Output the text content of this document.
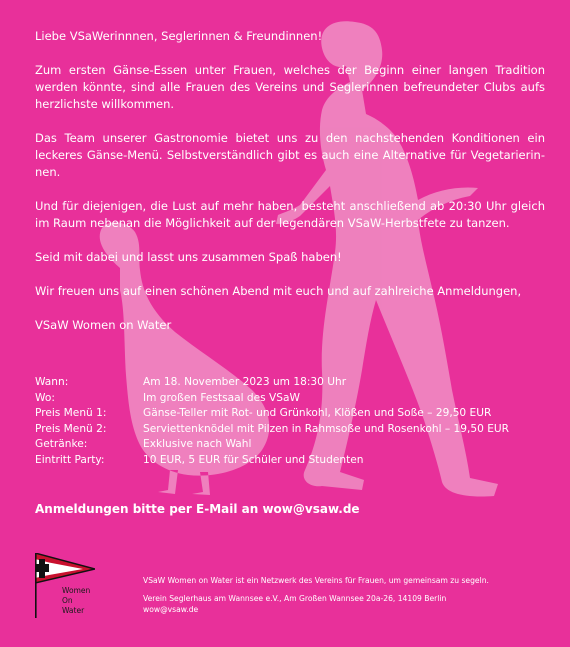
Liebe VSaWerinnnen, Seglerinnen & Freundinnen!

Zum ersten Gänse-Essen unter Frauen, welches der Beginn einer langen Tradition werden könnte, sind alle Frauen des Vereins und Seglerinnen befreundeter Clubs aufs herzlichste willkommen.

Das Team unserer Gastronomie bietet uns zu den nachstehenden Konditionen ein leckeres Gänse-Menü. Selbstverständlich gibt es auch eine Alternative für Vegetarierin-nen.

Und für diejenigen, die Lust auf mehr haben, besteht anschließend ab 20:30 Uhr gleich im Raum nebenan die Möglichkeit auf der legendären VSaW-Herbstfete zu tanzen.

Seid mit dabei und lasst uns zusammen Spaß haben!

Wir freuen uns auf einen schönen Abend mit euch und auf zahlreiche Anmeldungen,

VSaW Women on Water

Wann:	Am 18. November 2023 um 18:30 Uhr
Wo:	Im großen Festsaal des VSaW
Preis Menü 1:	Gänse-Teller mit Rot- und Grünkohl, Klößen und Soße – 29,50 EUR
Preis Menü 2:	Serviettenknödel mit Pilzen in Rahmsoße und Rosenkohl – 19,50 EUR
Getränke:	Exklusive nach Wahl
Eintritt Party:	10 EUR, 5 EUR für Schüler und Studenten
Anmeldungen bitte per E-Mail an wow@vsaw.de
Women
On
Water
VSaW Women on Water ist ein Netzwerk des Vereins für Frauen, um gemeinsam zu segeln.
Verein Seglerhaus am Wannsee e.V., Am Großen Wannsee 20a-26, 14109 Berlin
wow@vsaw.de
